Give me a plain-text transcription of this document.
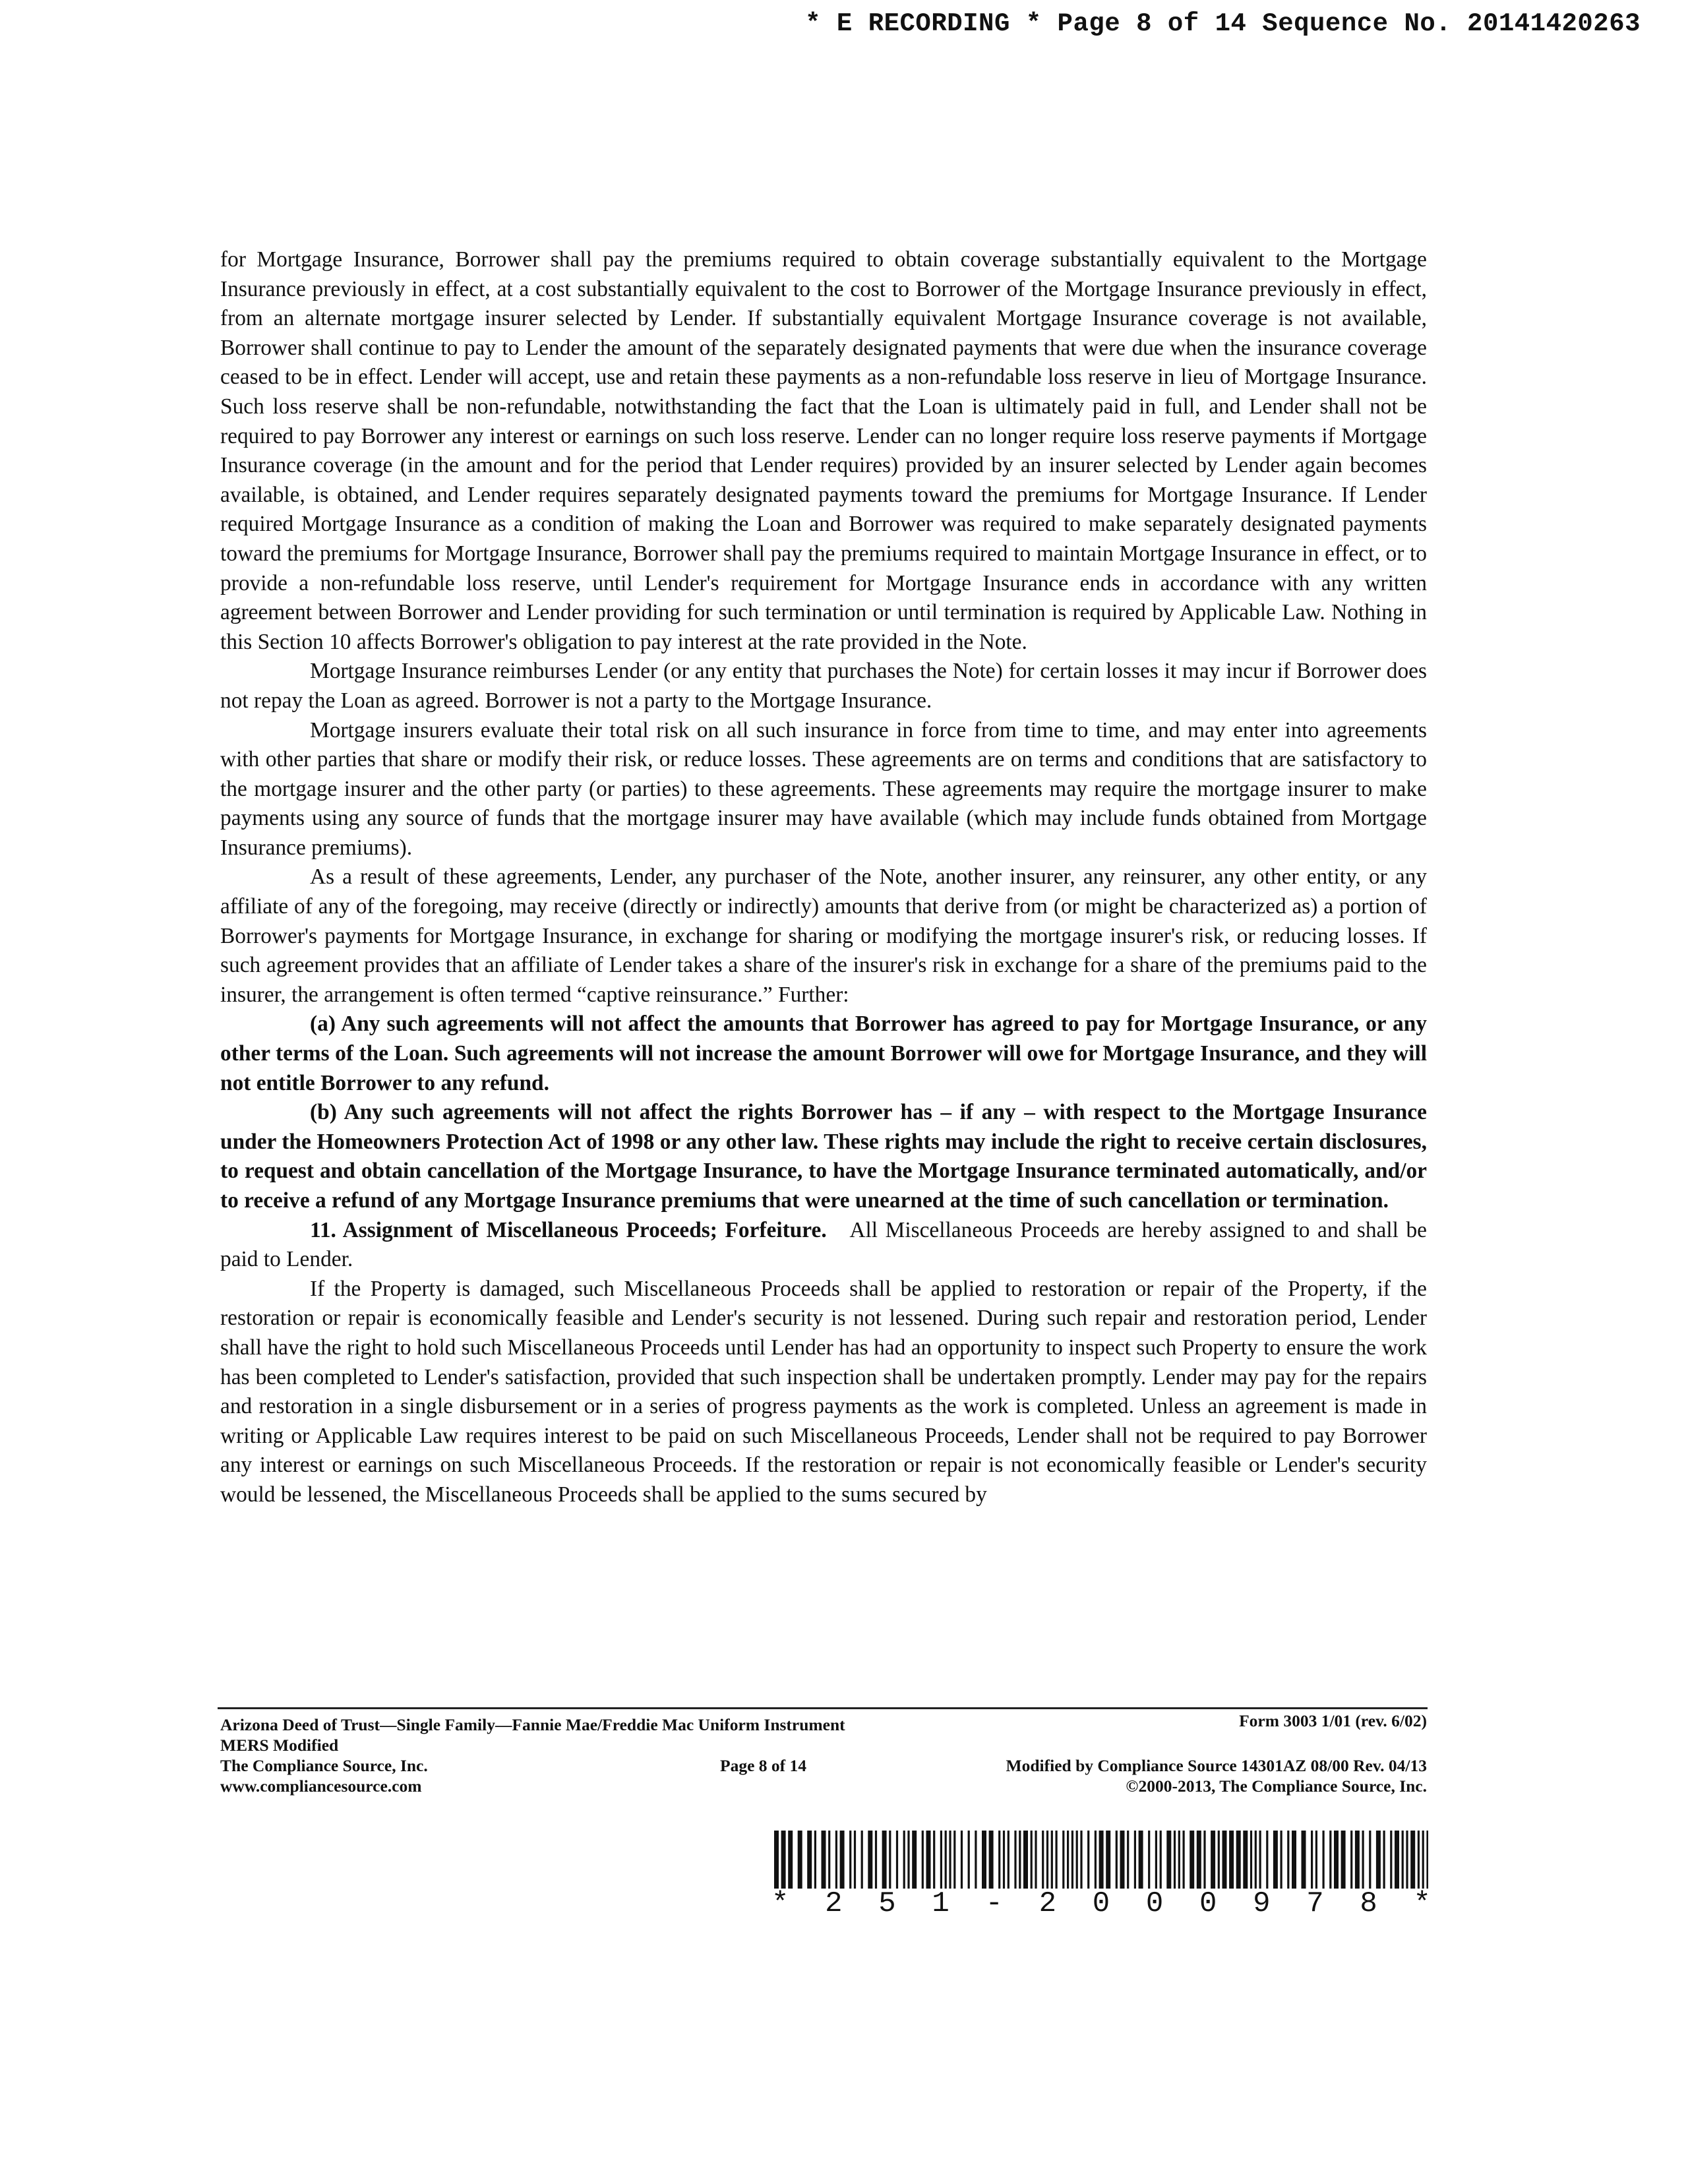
* E RECORDING * Page 8 of 14 Sequence No. 20141420263

for Mortgage Insurance, Borrower shall pay the premiums required to obtain coverage substantially equivalent to the Mortgage Insurance previously in effect, at a cost substantially equivalent to the cost to Borrower of the Mortgage Insurance previously in effect, from an alternate mortgage insurer selected by Lender. If substantially equivalent Mortgage Insurance coverage is not available, Borrower shall continue to pay to Lender the amount of the separately designated payments that were due when the insurance coverage ceased to be in effect. Lender will accept, use and retain these payments as a non-refundable loss reserve in lieu of Mortgage Insurance. Such loss reserve shall be non-refundable, notwithstanding the fact that the Loan is ultimately paid in full, and Lender shall not be required to pay Borrower any interest or earnings on such loss reserve. Lender can no longer require loss reserve payments if Mortgage Insurance coverage (in the amount and for the period that Lender requires) provided by an insurer selected by Lender again becomes available, is obtained, and Lender requires separately designated payments toward the premiums for Mortgage Insurance. If Lender required Mortgage Insurance as a condition of making the Loan and Borrower was required to make separately designated payments toward the premiums for Mortgage Insurance, Borrower shall pay the premiums required to maintain Mortgage Insurance in effect, or to provide a non-refundable loss reserve, until Lender's requirement for Mortgage Insurance ends in accordance with any written agreement between Borrower and Lender providing for such termination or until termination is required by Applicable Law. Nothing in this Section 10 affects Borrower's obligation to pay interest at the rate provided in the Note.

Mortgage Insurance reimburses Lender (or any entity that purchases the Note) for certain losses it may incur if Borrower does not repay the Loan as agreed. Borrower is not a party to the Mortgage Insurance.

Mortgage insurers evaluate their total risk on all such insurance in force from time to time, and may enter into agreements with other parties that share or modify their risk, or reduce losses. These agreements are on terms and conditions that are satisfactory to the mortgage insurer and the other party (or parties) to these agreements. These agreements may require the mortgage insurer to make payments using any source of funds that the mortgage insurer may have available (which may include funds obtained from Mortgage Insurance premiums).

As a result of these agreements, Lender, any purchaser of the Note, another insurer, any reinsurer, any other entity, or any affiliate of any of the foregoing, may receive (directly or indirectly) amounts that derive from (or might be characterized as) a portion of Borrower's payments for Mortgage Insurance, in exchange for sharing or modifying the mortgage insurer's risk, or reducing losses. If such agreement provides that an affiliate of Lender takes a share of the insurer's risk in exchange for a share of the premiums paid to the insurer, the arrangement is often termed “captive reinsurance.” Further:

(a) Any such agreements will not affect the amounts that Borrower has agreed to pay for Mortgage Insurance, or any other terms of the Loan. Such agreements will not increase the amount Borrower will owe for Mortgage Insurance, and they will not entitle Borrower to any refund.

(b) Any such agreements will not affect the rights Borrower has – if any – with respect to the Mortgage Insurance under the Homeowners Protection Act of 1998 or any other law. These rights may include the right to receive certain disclosures, to request and obtain cancellation of the Mortgage Insurance, to have the Mortgage Insurance terminated automatically, and/or to receive a refund of any Mortgage Insurance premiums that were unearned at the time of such cancellation or termination.

11. Assignment of Miscellaneous Proceeds; Forfeiture. All Miscellaneous Proceeds are hereby assigned to and shall be paid to Lender.

If the Property is damaged, such Miscellaneous Proceeds shall be applied to restoration or repair of the Property, if the restoration or repair is economically feasible and Lender's security is not lessened. During such repair and restoration period, Lender shall have the right to hold such Miscellaneous Proceeds until Lender has had an opportunity to inspect such Property to ensure the work has been completed to Lender's satisfaction, provided that such inspection shall be undertaken promptly. Lender may pay for the repairs and restoration in a single disbursement or in a series of progress payments as the work is completed. Unless an agreement is made in writing or Applicable Law requires interest to be paid on such Miscellaneous Proceeds, Lender shall not be required to pay Borrower any interest or earnings on such Miscellaneous Proceeds. If the restoration or repair is not economically feasible or Lender's security would be lessened, the Miscellaneous Proceeds shall be applied to the sums secured by

Arizona Deed of Trust—Single Family—Fannie Mae/Freddie Mac Uniform Instrument	Form 3003 1/01 (rev. 6/02)
MERS Modified
The Compliance Source, Inc.	Page 8 of 14	Modified by Compliance Source 14301AZ 08/00 Rev. 04/13
www.compliancesource.com	©2000-2013, The Compliance Source, Inc.
* 2 5 1 - 2 0 0 0 9 7 8 *
